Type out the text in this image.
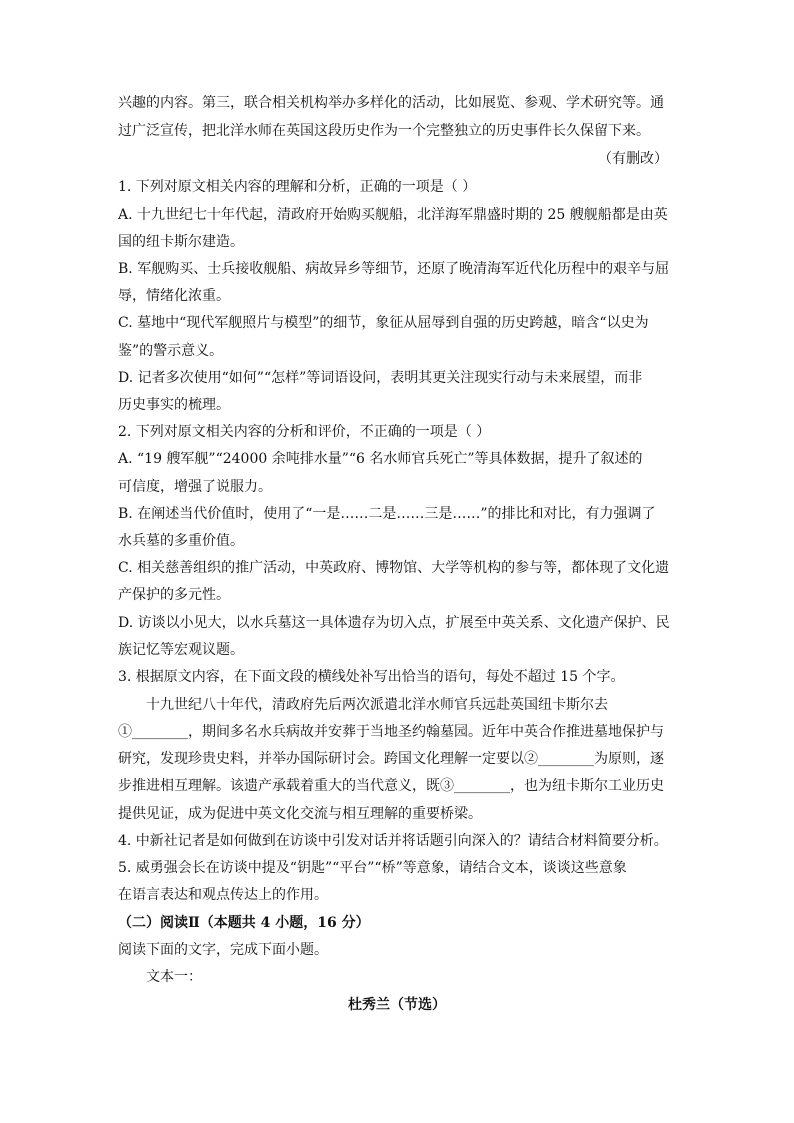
兴趣的内容。第三，联合相关机构举办多样化的活动，比如展览、参观、学术研究等。通
过广泛宣传，把北洋水师在英国这段历史作为一个完整独立的历史事件长久保留下来。
（有删改）
1. 下列对原文相关内容的理解和分析，正确的一项是（ ）
A. 十九世纪七十年代起，清政府开始购买舰船，北洋海军鼎盛时期的 25 艘舰船都是由英
国的纽卡斯尔建造。
B. 军舰购买、士兵接收舰船、病故异乡等细节，还原了晚清海军近代化历程中的艰辛与屈
辱，情绪化浓重。
C. 墓地中“现代军舰照片与模型”的细节，象征从屈辱到自强的历史跨越，暗含“以史为
鉴”的警示意义。
D. 记者多次使用“如何”“怎样”等词语设问，表明其更关注现实行动与未来展望，而非
历史事实的梳理。
2. 下列对原文相关内容的分析和评价，不正确的一项是（ ）
A. “19 艘军舰”“24000 余吨排水量”“6 名水师官兵死亡”等具体数据，提升了叙述的
可信度，增强了说服力。
B. 在阐述当代价值时，使用了“一是……二是……三是……”的排比和对比，有力强调了
水兵墓的多重价值。
C. 相关慈善组织的推广活动，中英政府、博物馆、大学等机构的参与等，都体现了文化遗
产保护的多元性。
D. 访谈以小见大，以水兵墓这一具体遗存为切入点，扩展至中英关系、文化遗产保护、民
族记忆等宏观议题。
3. 根据原文内容，在下面文段的横线处补写出恰当的语句，每处不超过 15 个字。
十九世纪八十年代，清政府先后两次派遣北洋水师官兵远赴英国纽卡斯尔去
①________，期间多名水兵病故并安葬于当地圣约翰墓园。近年中英合作推进墓地保护与
研究，发现珍贵史料，并举办国际研讨会。跨国文化理解一定要以②________为原则，逐
步推进相互理解。该遗产承载着重大的当代意义，既③________，也为纽卡斯尔工业历史
提供见证，成为促进中英文化交流与相互理解的重要桥梁。
4. 中新社记者是如何做到在访谈中引发对话并将话题引向深入的？请结合材料简要分析。
5. 威勇强会长在访谈中提及“钥匙”“平台”“桥”等意象，请结合文本，谈谈这些意象
在语言表达和观点传达上的作用。
（二）阅读Ⅱ（本题共 4 小题，16 分）
阅读下面的文字，完成下面小题。
文本一：
杜秀兰（节选）
